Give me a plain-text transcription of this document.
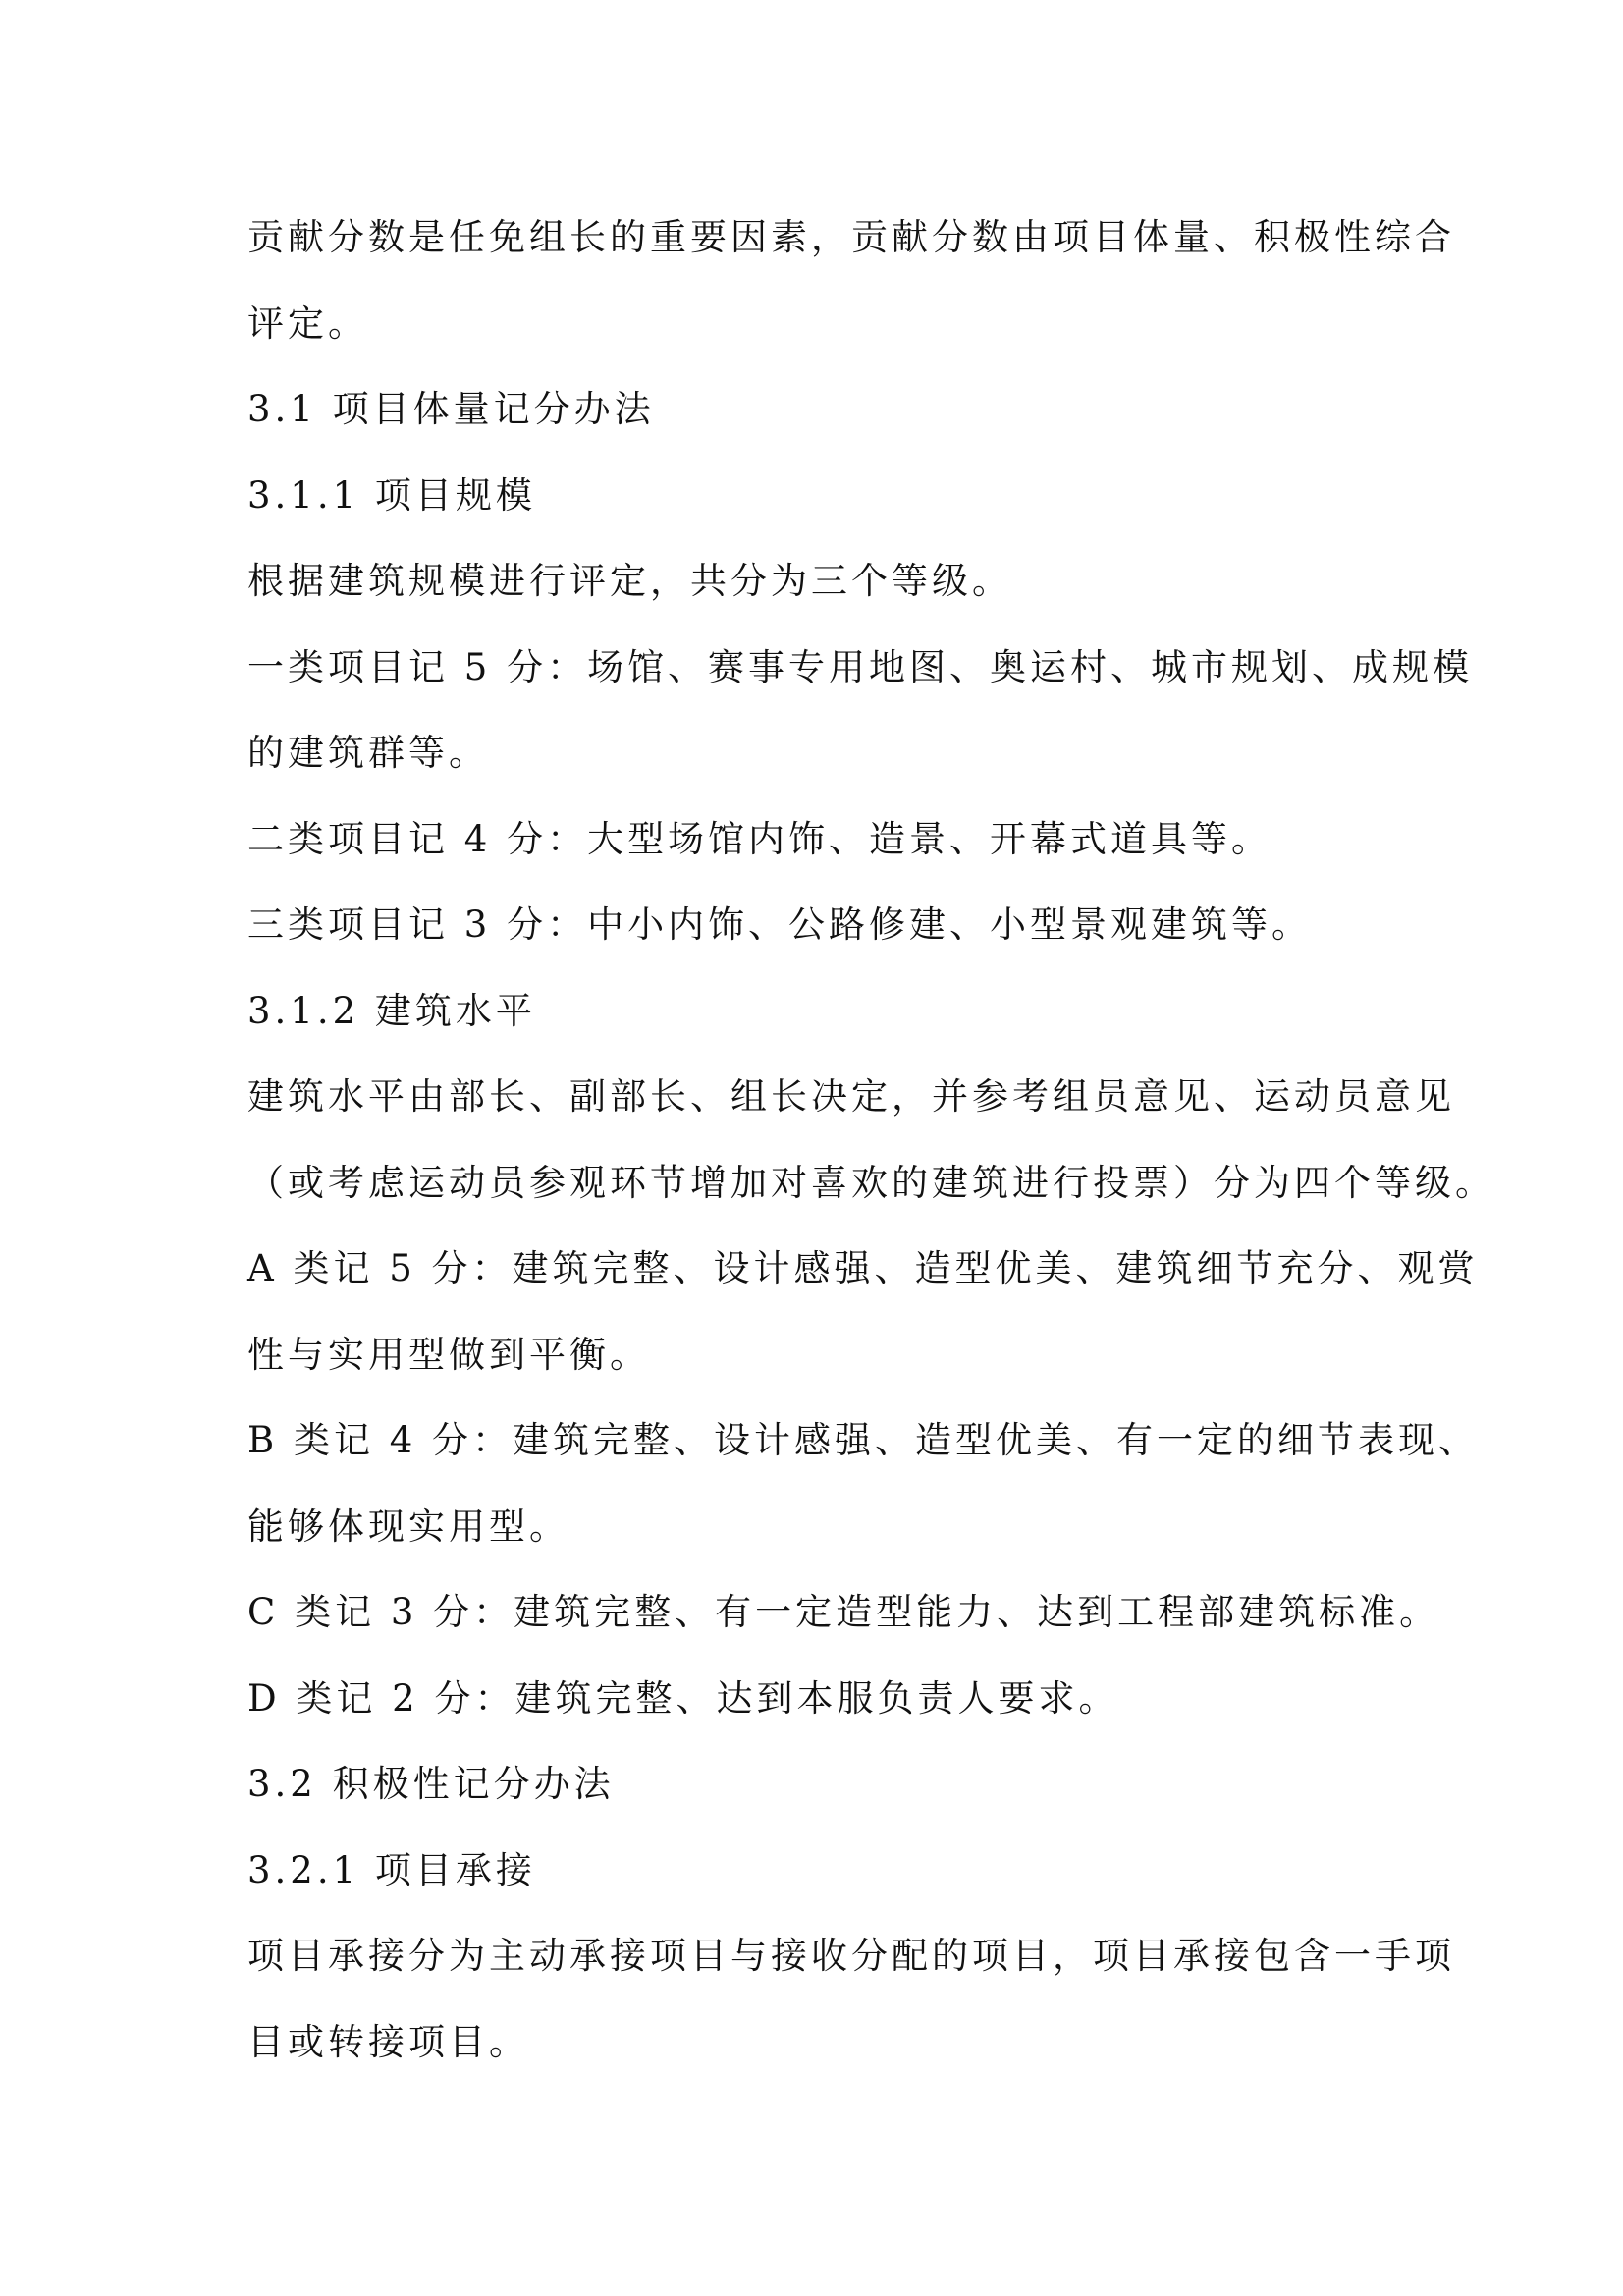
贡献分数是任免组长的重要因素，贡献分数由项目体量、积极性综合
评定。
3.1 项目体量记分办法
3.1.1 项目规模
根据建筑规模进行评定，共分为三个等级。
一类项目记 5 分：场馆、赛事专用地图、奥运村、城市规划、成规模
的建筑群等。
二类项目记 4 分：大型场馆内饰、造景、开幕式道具等。
三类项目记 3 分：中小内饰、公路修建、小型景观建筑等。
3.1.2 建筑水平
建筑水平由部长、副部长、组长决定，并参考组员意见、运动员意见
（或考虑运动员参观环节增加对喜欢的建筑进行投票）分为四个等级。
A 类记 5 分：建筑完整、设计感强、造型优美、建筑细节充分、观赏
性与实用型做到平衡。
B 类记 4 分：建筑完整、设计感强、造型优美、有一定的细节表现、
能够体现实用型。
C 类记 3 分：建筑完整、有一定造型能力、达到工程部建筑标准。
D 类记 2 分：建筑完整、达到本服负责人要求。
3.2 积极性记分办法
3.2.1 项目承接
项目承接分为主动承接项目与接收分配的项目，项目承接包含一手项
目或转接项目。
